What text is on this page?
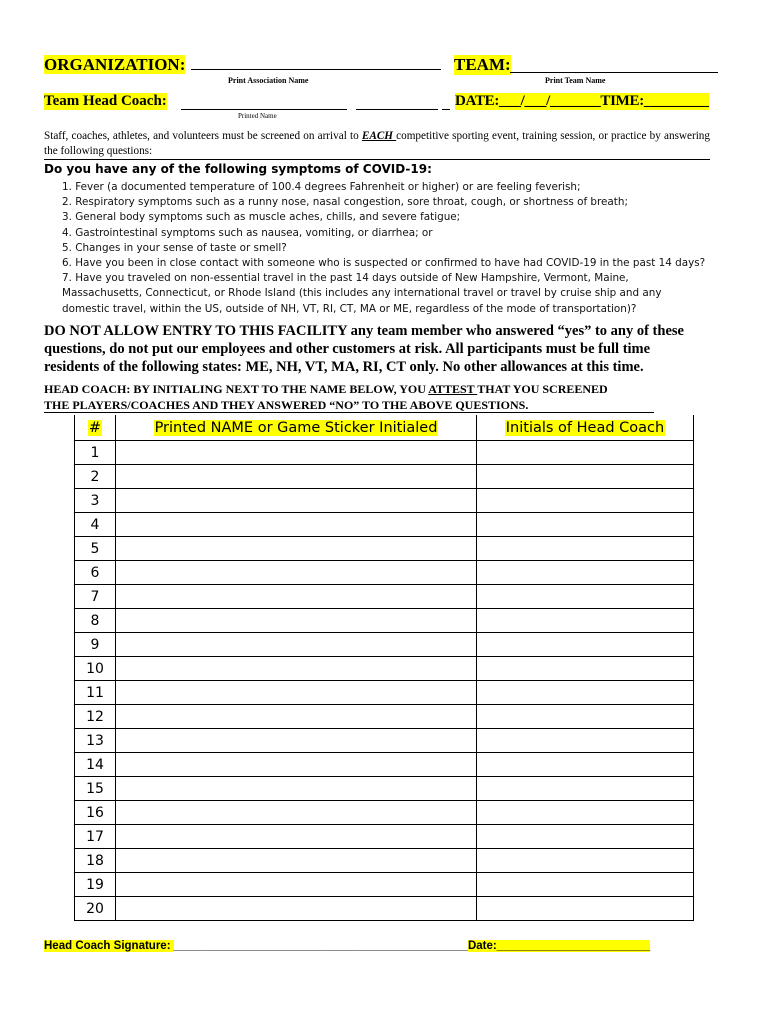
ORGANIZATION:	TEAM:
Print Association Name	Print Team Name
Team Head Coach:	DATE:___/___/_______TIME:_________
Printed Name
Staff, coaches, athletes, and volunteers must be screened on arrival to EACH competitive sporting event, training session, or practice by answering the following questions:
Do you have any of the following symptoms of COVID-19:
1. Fever (a documented temperature of 100.4 degrees Fahrenheit or higher) or are feeling feverish;
2. Respiratory symptoms such as a runny nose, nasal congestion, sore throat, cough, or shortness of breath;
3. General body symptoms such as muscle aches, chills, and severe fatigue;
4. Gastrointestinal symptoms such as nausea, vomiting, or diarrhea; or
5. Changes in your sense of taste or smell?
6. Have you been in close contact with someone who is suspected or confirmed to have had COVID-19 in the past 14 days?
7. Have you traveled on non-essential travel in the past 14 days outside of New Hampshire, Vermont, Maine,
Massachusetts, Connecticut, or Rhode Island (this includes any international travel or travel by cruise ship and any
domestic travel, within the US, outside of NH, VT, RI, CT, MA or ME, regardless of the mode of transportation)?
DO NOT ALLOW ENTRY TO THIS FACILITY any team member who answered “yes” to any of these
questions, do not put our employees and other customers at risk. All participants must be full time
residents of the following states: ME, NH, VT, MA, RI, CT only. No other allowances at this time.
HEAD COACH: BY INITIALING NEXT TO THE NAME BELOW, YOU ATTEST THAT YOU SCREENED
THE PLAYERS/COACHES AND THEY ANSWERED “NO” TO THE ABOVE QUESTIONS.
#	Printed NAME or Game Sticker Initialed	Initials of Head Coach
1		
2		
3		
4		
5		
6		
7		
8		
9		
10		
11		
12		
13		
14		
15		
16		
17		
18		
19		
20		
Head Coach Signature: ______________________________________________Date:________________________
